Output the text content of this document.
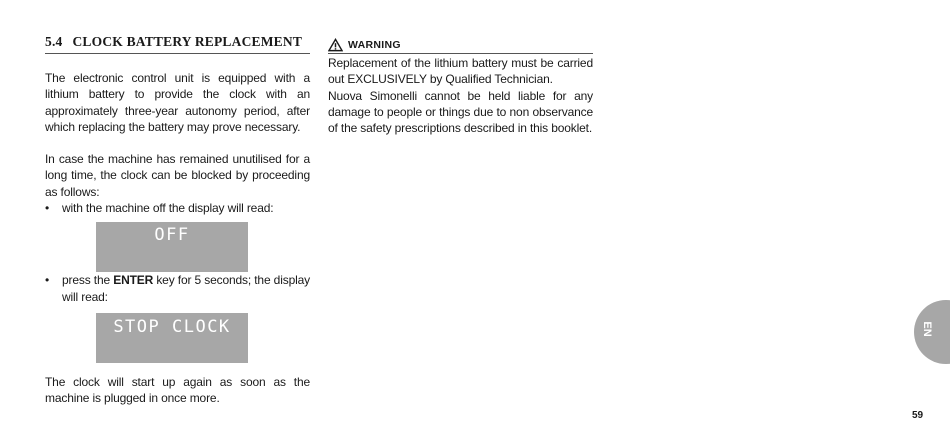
5.4 CLOCK BATTERY REPLACEMENT

The electronic control unit is equipped with a lithium battery to provide the clock with an approximately three-year autonomy period, after which replacing the battery may prove necessary.

In case the machine has remained unutilised for a long time, the clock can be blocked by proceeding as follows:

• with the machine off the display will read:
OFF
• press the ENTER key for 5 seconds; the display will read:
STOP CLOCK

The clock will start up again as soon as the machine is plugged in once more.

WARNING

Replacement of the lithium battery must be carried out EXCLUSIVELY by Qualified Technician.

Nuova Simonelli cannot be held liable for any damage to people or things due to non observance of the safety prescriptions described in this booklet.

EN
59
